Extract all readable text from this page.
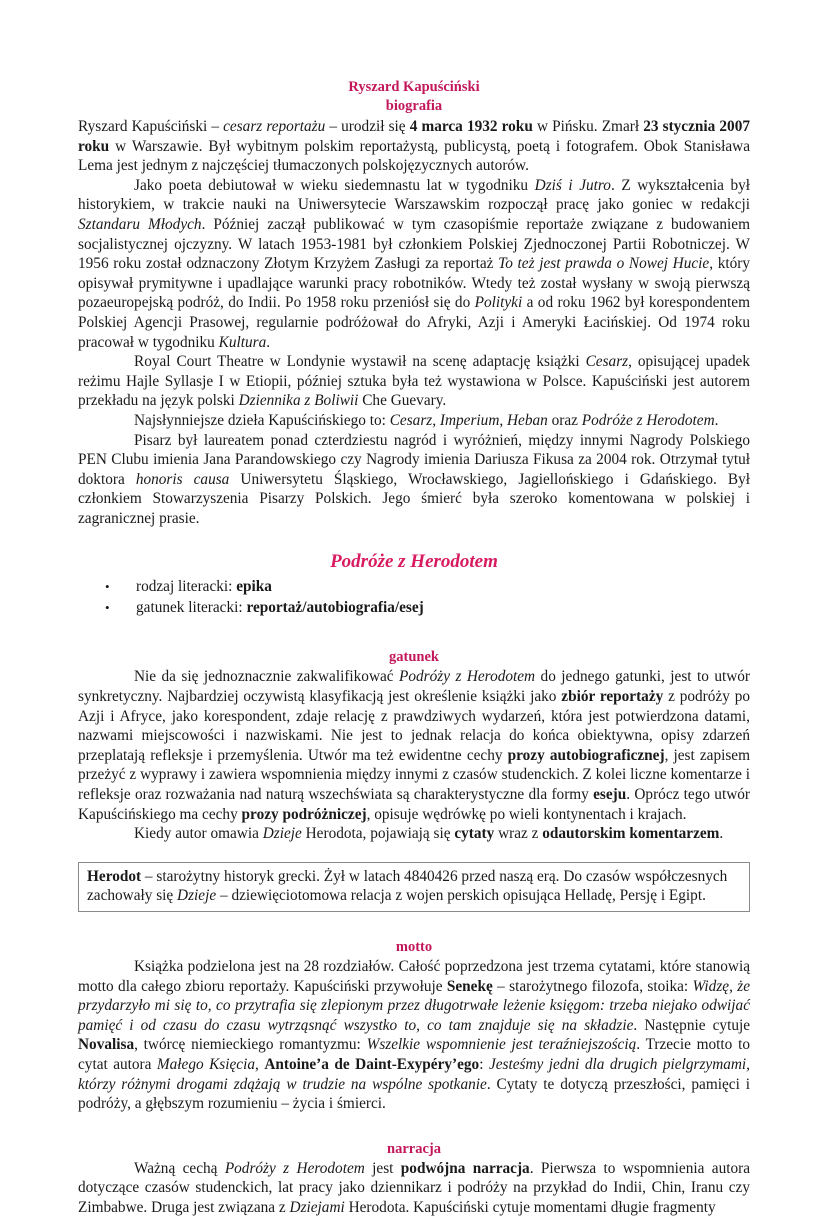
Ryszard Kapuściński
biografia

Ryszard Kapuściński – cesarz reportażu – urodził się 4 marca 1932 roku w Pińsku. Zmarł 23 stycznia 2007 roku w Warszawie. Był wybitnym polskim reportażystą, publicystą, poetą i fotografem. Obok Stanisława Lema jest jednym z najczęściej tłumaczonych polskojęzycznych autorów.

Jako poeta debiutował w wieku siedemnastu lat w tygodniku Dziś i Jutro. Z wykształcenia był historykiem, w trakcie nauki na Uniwersytecie Warszawskim rozpoczął pracę jako goniec w redakcji Sztandaru Młodych. Później zaczął publikować w tym czasopiśmie reportaże związane z budowaniem socjalistycznej ojczyzny. W latach 1953-1981 był członkiem Polskiej Zjednoczonej Partii Robotniczej. W 1956 roku został odznaczony Złotym Krzyżem Zasługi za reportaż To też jest prawda o Nowej Hucie, który opisywał prymitywne i upadlające warunki pracy robotników. Wtedy też został wysłany w swoją pierwszą pozaeuropejską podróż, do Indii. Po 1958 roku przeniósł się do Polityki a od roku 1962 był korespondentem Polskiej Agencji Prasowej, regularnie podróżował do Afryki, Azji i Ameryki Łacińskiej. Od 1974 roku pracował w tygodniku Kultura.

Royal Court Theatre w Londynie wystawił na scenę adaptację książki Cesarz, opisującej upadek reżimu Hajle Syllasje I w Etiopii, później sztuka była też wystawiona w Polsce. Kapuściński jest autorem przekładu na język polski Dziennika z Boliwii Che Guevary.

Najsłynniejsze dzieła Kapuścińskiego to: Cesarz, Imperium, Heban oraz Podróże z Herodotem.

Pisarz był laureatem ponad czterdziestu nagród i wyróżnień, między innymi Nagrody Polskiego PEN Clubu imienia Jana Parandowskiego czy Nagrody imienia Dariusza Fikusa za 2004 rok. Otrzymał tytuł doktora honoris causa Uniwersytetu Śląskiego, Wrocławskiego, Jagiellońskiego i Gdańskiego. Był członkiem Stowarzyszenia Pisarzy Polskich. Jego śmierć była szeroko komentowana w polskiej i zagranicznej prasie.

Podróże z Herodotem
• rodzaj literacki: epika
• gatunek literacki: reportaż/autobiografia/esej
gatunek

Nie da się jednoznacznie zakwalifikować Podróży z Herodotem do jednego gatunki, jest to utwór synkretyczny. Najbardziej oczywistą klasyfikacją jest określenie książki jako zbiór reportaży z podróży po Azji i Afryce, jako korespondent, zdaje relację z prawdziwych wydarzeń, która jest potwierdzona datami, nazwami miejscowości i nazwiskami. Nie jest to jednak relacja do końca obiektywna, opisy zdarzeń przeplatają refleksje i przemyślenia. Utwór ma też ewidentne cechy prozy autobiograficznej, jest zapisem przeżyć z wyprawy i zawiera wspomnienia między innymi z czasów studenckich. Z kolei liczne komentarze i refleksje oraz rozważania nad naturą wszechświata są charakterystyczne dla formy eseju. Oprócz tego utwór Kapuścińskiego ma cechy prozy podróżniczej, opisuje wędrówkę po wieli kontynentach i krajach.

Kiedy autor omawia Dzieje Herodota, pojawiają się cytaty wraz z odautorskim komentarzem.

Herodot – starożytny historyk grecki. Żył w latach 4840426 przed naszą erą. Do czasów współczesnych zachowały się Dzieje – dziewięciotomowa relacja z wojen perskich opisująca Helladę, Persję i Egipt.

motto

Książka podzielona jest na 28 rozdziałów. Całość poprzedzona jest trzema cytatami, które stanowią motto dla całego zbioru reportaży. Kapuściński przywołuje Senekę – starożytnego filozofa, stoika: Widzę, że przydarzyło mi się to, co przytrafia się zlepionym przez długotrwałe leżenie księgom: trzeba niejako odwijać pamięć i od czasu do czasu wytrząsnąć wszystko to, co tam znajduje się na składzie. Następnie cytuje Novalisa, twórcę niemieckiego romantyzmu: Wszelkie wspomnienie jest teraźniejszością. Trzecie motto to cytat autora Małego Księcia, Antoine’a de Daint-Exypéry’ego: Jesteśmy jedni dla drugich pielgrzymami, którzy różnymi drogami zdążają w trudzie na wspólne spotkanie. Cytaty te dotyczą przeszłości, pamięci i podróży, a głębszym rozumieniu – życia i śmierci.

narracja

Ważną cechą Podróży z Herodotem jest podwójna narracja. Pierwsza to wspomnienia autora dotyczące czasów studenckich, lat pracy jako dziennikarz i podróży na przykład do Indii, Chin, Iranu czy Zimbabwe. Druga jest związana z Dziejami Herodota. Kapuściński cytuje momentami długie fragmenty
